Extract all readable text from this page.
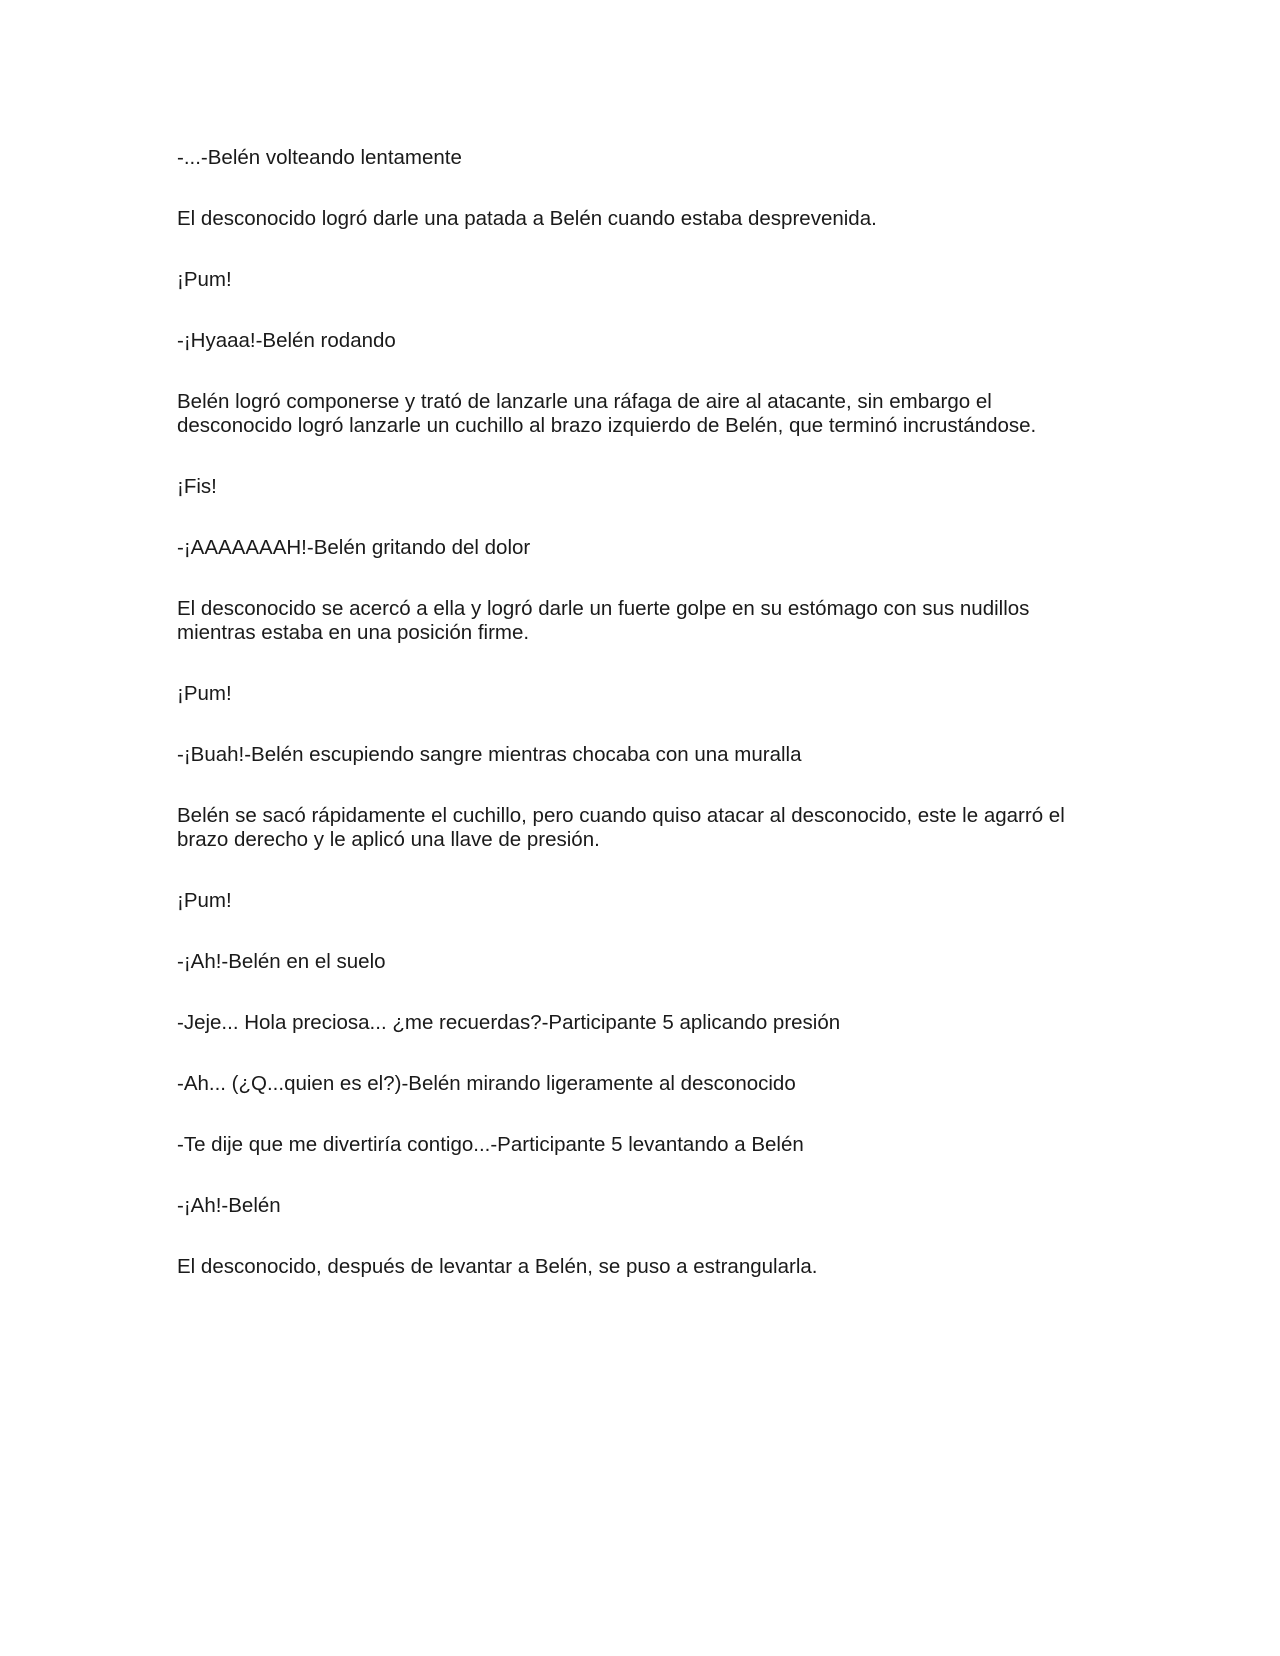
-...-Belén volteando lentamente

El desconocido logró darle una patada a Belén cuando estaba desprevenida.

¡Pum!

-¡Hyaaa!-Belén rodando

Belén logró componerse y trató de lanzarle una ráfaga de aire al atacante, sin embargo el desconocido logró lanzarle un cuchillo al brazo izquierdo de Belén, que terminó incrustándose.

¡Fis!

-¡AAAAAAAH!-Belén gritando del dolor

El desconocido se acercó a ella y logró darle un fuerte golpe en su estómago con sus nudillos mientras estaba en una posición firme.

¡Pum!

-¡Buah!-Belén escupiendo sangre mientras chocaba con una muralla

Belén se sacó rápidamente el cuchillo, pero cuando quiso atacar al desconocido, este le agarró el brazo derecho y le aplicó una llave de presión.

¡Pum!

-¡Ah!-Belén en el suelo

-Jeje... Hola preciosa... ¿me recuerdas?-Participante 5 aplicando presión

-Ah... (¿Q...quien es el?)-Belén mirando ligeramente al desconocido

-Te dije que me divertiría contigo...-Participante 5 levantando a Belén

-¡Ah!-Belén

El desconocido, después de levantar a Belén, se puso a estrangularla.
